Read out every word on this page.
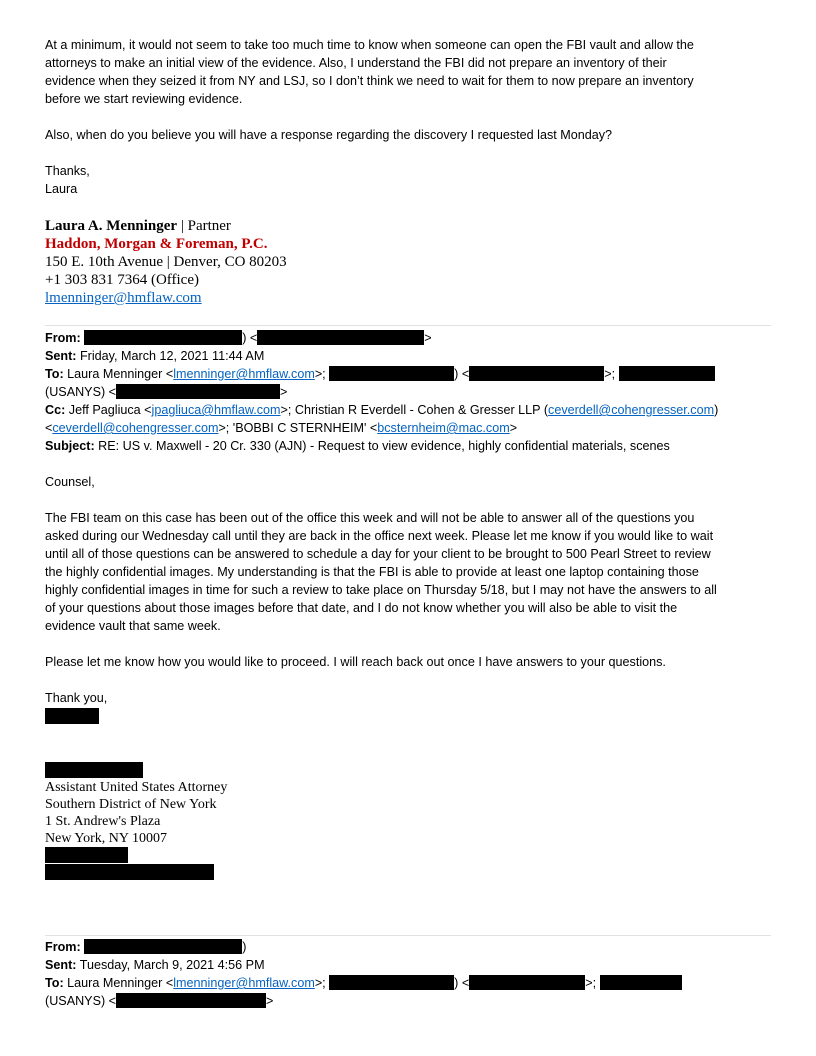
At a minimum, it would not seem to take too much time to know when someone can open the FBI vault and allow the
attorneys to make an initial view of the evidence. Also, I understand the FBI did not prepare an inventory of their
evidence when they seized it from NY and LSJ, so I don’t think we need to wait for them to now prepare an inventory
before we start reviewing evidence.
Also, when do you believe you will have a response regarding the discovery I requested last Monday?
Thanks,
Laura
Laura A. Menninger | Partner
Haddon, Morgan & Foreman, P.C.
150 E. 10th Avenue | Denver, CO 80203
+1 303 831 7364 (Office)
lmenninger@hmflaw.com
From:	) <	>
Sent: Friday, March 12, 2021 11:44 AM
To: Laura Menninger <lmenninger@hmflaw.com>;	) <	>;
(USANYS) <	>
Cc: Jeff Pagliuca <jpagliuca@hmflaw.com>; Christian R Everdell - Cohen & Gresser LLP (ceverdell@cohengresser.com)
<ceverdell@cohengresser.com>; 'BOBBI C STERNHEIM' <bcsternheim@mac.com>
Subject: RE: US v. Maxwell - 20 Cr. 330 (AJN) - Request to view evidence, highly confidential materials, scenes
Counsel,
The FBI team on this case has been out of the office this week and will not be able to answer all of the questions you
asked during our Wednesday call until they are back in the office next week. Please let me know if you would like to wait
until all of those questions can be answered to schedule a day for your client to be brought to 500 Pearl Street to review
the highly confidential images. My understanding is that the FBI is able to provide at least one laptop containing those
highly confidential images in time for such a review to take place on Thursday 5/18, but I may not have the answers to all
of your questions about those images before that date, and I do not know whether you will also be able to visit the
evidence vault that same week.
Please let me know how you would like to proceed. I will reach back out once I have answers to your questions.
Thank you,
Assistant United States Attorney
Southern District of New York
1 St. Andrew's Plaza
New York, NY 10007
From:	)
Sent: Tuesday, March 9, 2021 4:56 PM
To: Laura Menninger <lmenninger@hmflaw.com>;	) <	>;
(USANYS) <	>
